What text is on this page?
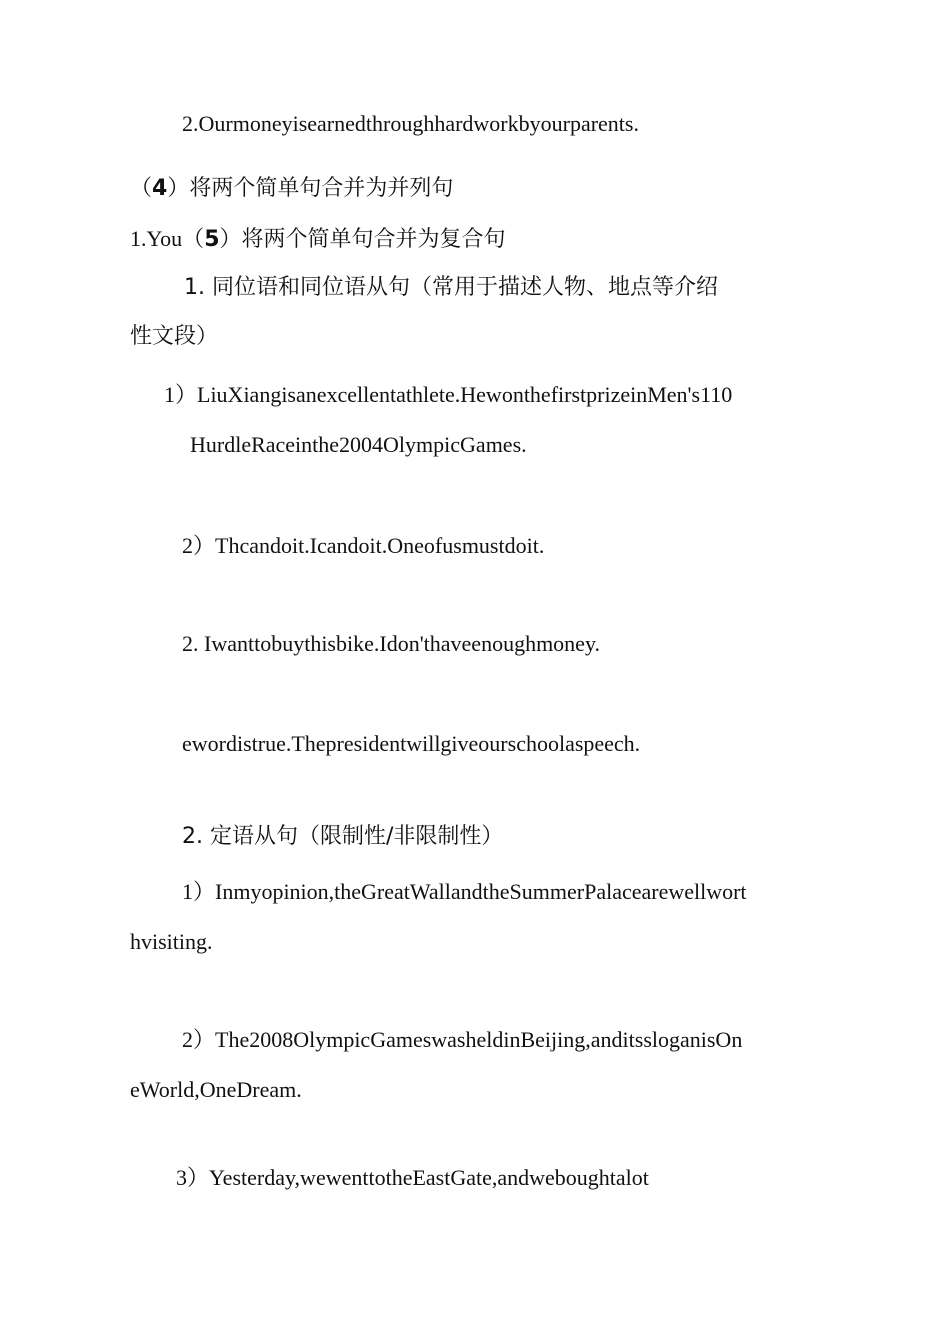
2.Ourmoneyisearnedthroughhardworkbyourparents.
（4）将两个简单句合并为并列句
1.You（5）将两个简单句合并为复合句
1. 同位语和同位语从句（常用于描述人物、地点等介绍
性文段）
1）LiuXiangisanexcellentathlete.HewonthefirstprizeinMen's110
HurdleRaceinthe2004OlympicGames.
2）Thcandoit.Icandoit.Oneofusmustdoit.
2. Iwanttobuythisbike.Idon'thaveenoughmoney.
ewordistrue.Thepresidentwillgiveourschoolaspeech.
2. 定语从句（限制性/非限制性）
1）Inmyopinion,theGreatWallandtheSummerPalacearewellwort
hvisiting.
2）The2008OlympicGameswasheldinBeijing,anditssloganisOn
eWorld,OneDream.
3）Yesterday,wewenttotheEastGate,andweboughtalot
